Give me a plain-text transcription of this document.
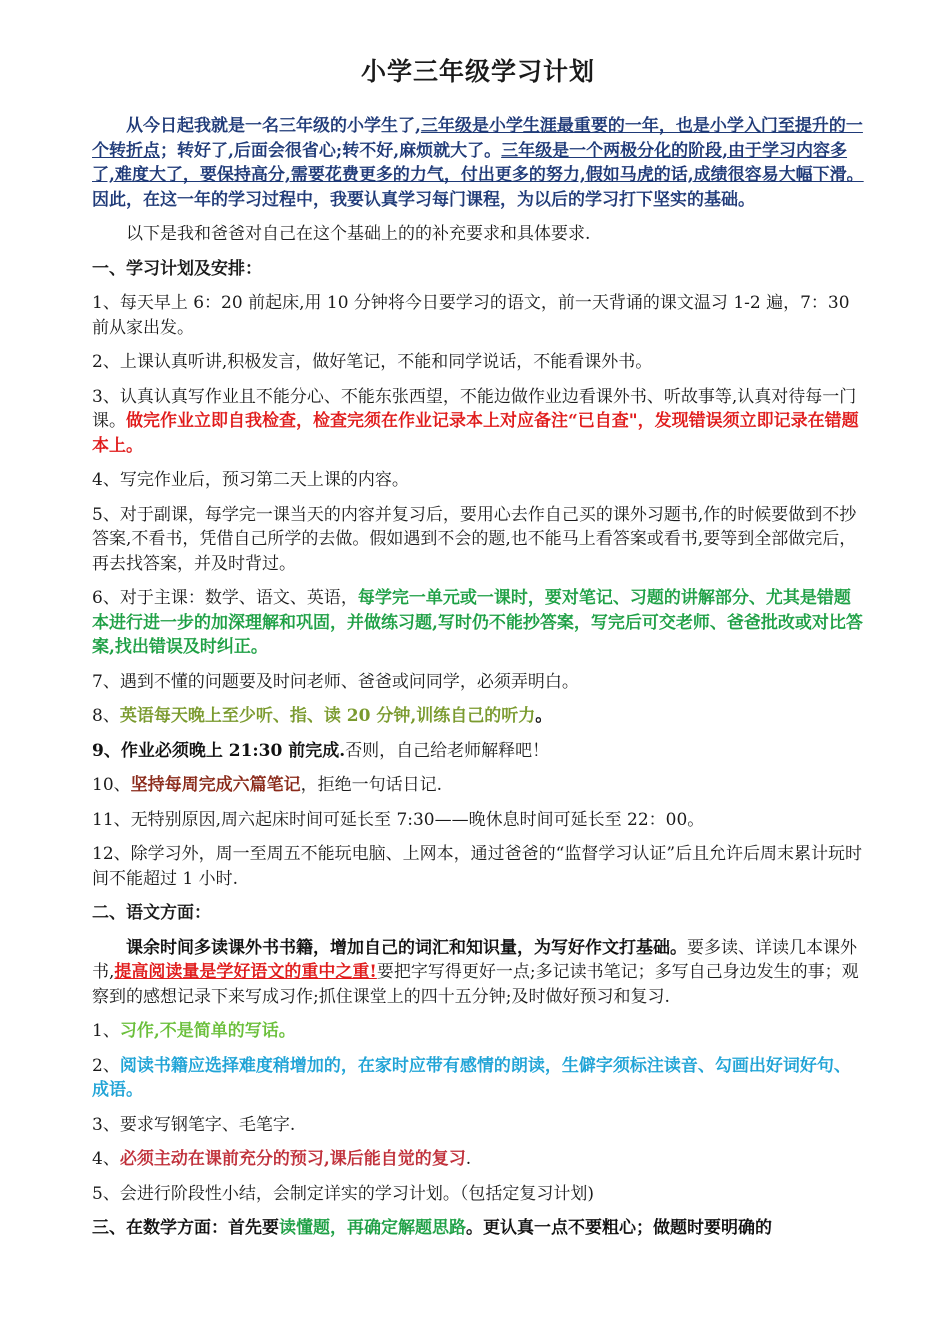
小学三年级学习计划

从今日起我就是一名三年级的小学生了,三年级是小学生涯最重要的一年，也是小学入门至提升的一个转折点；转好了,后面会很省心;转不好,麻烦就大了。三年级是一个两极分化的阶段,由于学习内容多了,难度大了，要保持高分,需要花费更多的力气，付出更多的努力,假如马虎的话,成绩很容易大幅下滑。因此，在这一年的学习过程中，我要认真学习每门课程，为以后的学习打下坚实的基础。

以下是我和爸爸对自己在这个基础上的的补充要求和具体要求.

一、学习计划及安排：

1、每天早上 6：20 前起床,用 10 分钟将今日要学习的语文，前一天背诵的课文温习 1-2 遍，7：30 前从家出发。

2、上课认真听讲,积极发言，做好笔记，不能和同学说话，不能看课外书。

3、认真认真写作业且不能分心、不能东张西望，不能边做作业边看课外书、听故事等,认真对待每一门课。做完作业立即自我检查，检查完须在作业记录本上对应备注“已自查"，发现错误须立即记录在错题本上。

4、写完作业后，预习第二天上课的内容。

5、对于副课，每学完一课当天的内容并复习后，要用心去作自己买的课外习题书,作的时候要做到不抄答案,不看书，凭借自己所学的去做。假如遇到不会的题,也不能马上看答案或看书,要等到全部做完后，再去找答案，并及时背过。

6、对于主课：数学、语文、英语，每学完一单元或一课时，要对笔记、习题的讲解部分、尤其是错题本进行进一步的加深理解和巩固，并做练习题,写时仍不能抄答案，写完后可交老师、爸爸批改或对比答案,找出错误及时纠正。

7、遇到不懂的问题要及时问老师、爸爸或问同学，必须弄明白。

8、英语每天晚上至少听、指、读 20 分钟,训练自己的听力。

9、作业必须晚上 21:30 前完成.否则，自己给老师解释吧！

10、坚持每周完成六篇笔记，拒绝一句话日记.

11、无特别原因,周六起床时间可延长至 7:30——晚休息时间可延长至 22：00。

12、除学习外，周一至周五不能玩电脑、上网本，通过爸爸的“监督学习认证”后且允许后周末累计玩时间不能超过 1 小时.

二、语文方面：

课余时间多读课外书书籍，增加自己的词汇和知识量，为写好作文打基础。要多读、详读几本课外书,提高阅读量是学好语文的重中之重!要把字写得更好一点;多记读书笔记；多写自己身边发生的事；观察到的感想记录下来写成习作;抓住课堂上的四十五分钟;及时做好预习和复习.

1、习作,不是简单的写话。

2、阅读书籍应选择难度稍增加的，在家时应带有感情的朗读，生僻字须标注读音、勾画出好词好句、成语。

3、要求写钢笔字、毛笔字.

4、必须主动在课前充分的预习,课后能自觉的复习.

5、会进行阶段性小结，会制定详实的学习计划。（包括定复习计划)

三、在数学方面：首先要读懂题，再确定解题思路。更认真一点不要粗心；做题时要明确的
